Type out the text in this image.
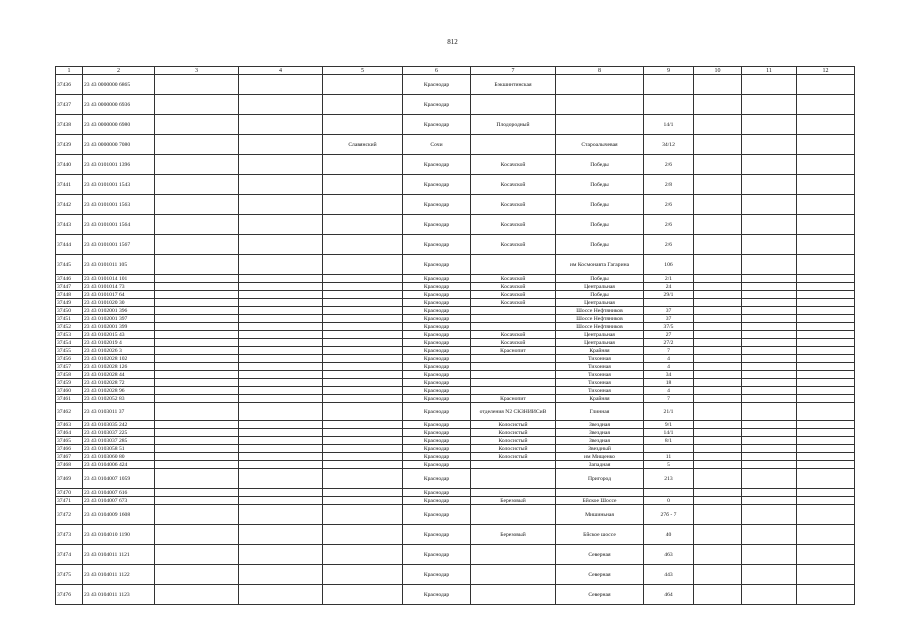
812
1	2	3	4	5	6	7	8	9	10	11	12
37436	23 43 0000000 6865				Краснодар	Бэкшинтинская					
37437	23 43 0000000 6936				Краснодар						
37438	23 43 0000000 6980				Краснодар	Плодородный		14/1			
37439	23 43 0000000 7080			Славянский	Сочи		Староалычевая	34/12			
37440	23 43 0101001 1396				Краснодар	Косачской	Победы	2/6			
37441	23 43 0101001 1543				Краснодар	Косачской	Победы	2/8			
37442	23 43 0101001 1563				Краснодар	Косачской	Победы	2/6			
37443	23 43 0101001 1564				Краснодар	Косачской	Победы	2/6			
37444	23 43 0101001 1567				Краснодар	Косачской	Победы	2/6			
37445	23 43 0101011 105				Краснодар		им Космонавта Гагарина	106			
37446	23 43 0101014 101				Краснодар	Косачской	Победы	2/1			
37447	23 43 0101014 73				Краснодар	Косачской	Центральная	24			
37448	23 43 0101017 64				Краснодар	Косачской	Победы	29/1			
37449	23 43 0101020 30				Краснодар	Косачской	Центральная				
37450	23 43 0102001 396				Краснодар		Шоссе Нефтяников	37			
37451	23 43 0102001 397				Краснодар		Шоссе Нефтяников	37			
37452	23 43 0102001 399				Краснодар		Шоссе Нефтяников	37/5			
37453	23 43 0102015 43				Краснодар	Косачской	Центральная	27			
37454	23 43 0102019 4				Краснодар	Косачской	Центральная	27/2			
37455	23 43 0102026 3				Краснодар	Краснопит	Крайняя	7			
37456	23 43 0102028 102				Краснодар		Тихонная	4			
37457	23 43 0102028 126				Краснодар		Тихонная	4			
37458	23 43 0102028 44				Краснодар		Тихонная	34			
37459	23 43 0102028 72				Краснодар		Тихонная	18			
37460	23 43 0102028 96				Краснодар		Тихонная	4			
37461	23 43 0102052 83				Краснодар	Краснопит	Крайняя	7			
37462	23 43 0103011 37				Краснодар	отделения N2 СКЗНИИСиВ	Глинная	21/1			
37463	23 43 0103035 242				Краснодар	Колосистый	Звездная	9/1			
37464	23 43 0103037 225				Краснодар	Колосистый	Звездная	14/1			
37465	23 43 0103037 285				Краснодар	Колосистый	Звездная	8/1			
37466	23 43 0103058 51				Краснодар	Колосистый	Звездный				
37467	23 43 0103060 80				Краснодар	Колосистый	им Мищенко	11			
37468	23 43 0104006 424				Краснодар		Западная	5			
37469	23 43 0104007 1059				Краснодар		Пригород	213			
37470	23 43 0104007 616				Краснодар						
37471	23 43 0104007 673				Краснодар	Березовый	Бйское Шоссе	0			
37472	23 43 0104009 1608				Краснодар		Мишиньная	27б - 7			
37473	23 43 0104010 1190				Краснодар	Березовый	Бйское шоссе	40			
37474	23 43 0104011 1121				Краснодар		Северная	463			
37475	23 43 0104011 1122				Краснодар		Северная	443			
37476	23 43 0104011 1123				Краснодар		Северная	464			
